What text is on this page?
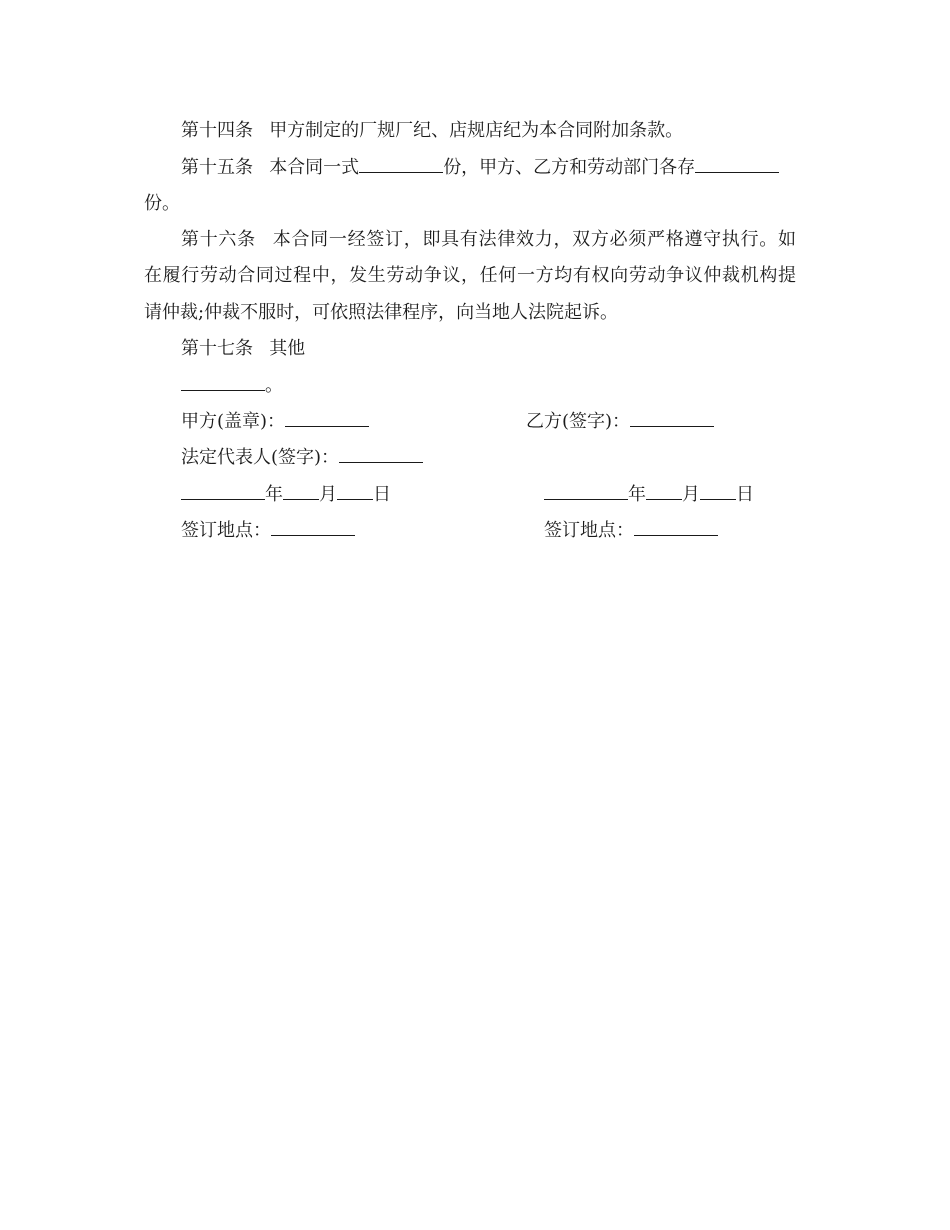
第十四条 甲方制定的厂规厂纪、店规店纪为本合同附加条款。
第十五条 本合同一式	份，甲方、乙方和劳动部门各存
份。
第十六条 本合同一经签订，即具有法律效力，双方必须严格遵守执行。如
在履行劳动合同过程中，发生劳动争议，任何一方均有权向劳动争议仲裁机构提
请仲裁;仲裁不服时，可依照法律程序，向当地人法院起诉。
第十七条 其他
。
甲方(盖章)：	乙方(签字)：
法定代表人(签字)：
年 月 日	年 月 日
签订地点：	签订地点：
